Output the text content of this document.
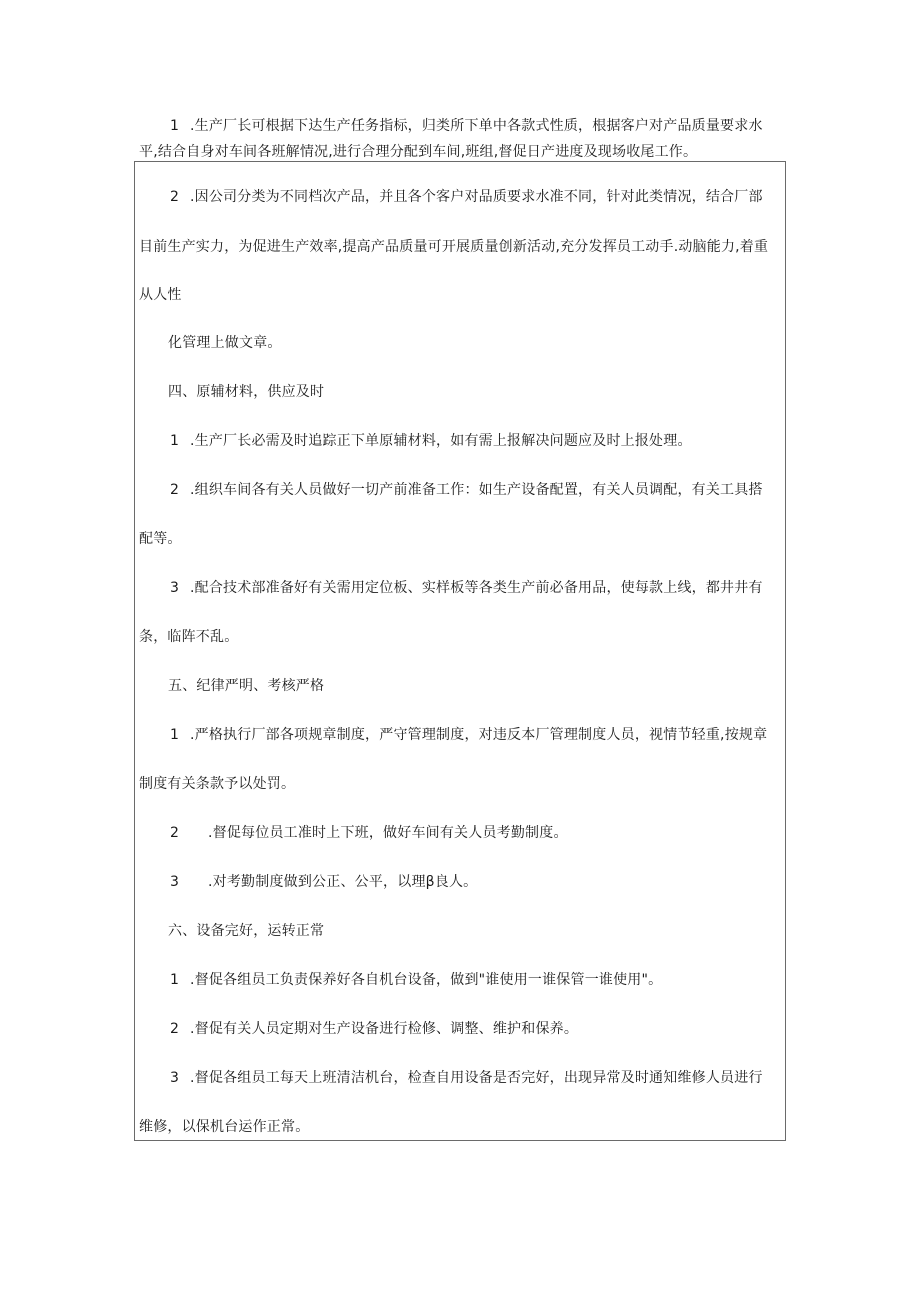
1 .生产厂长可根据下达生产任务指标，归类所下单中各款式性质，根据客户对产品质量要求水
平,结合自身对车间各班解情况,进行合理分配到车间,班组,督促日产进度及现场收尾工作。
2 .因公司分类为不同档次产品，并且各个客户对品质要求水准不同，针对此类情况，结合厂部
目前生产实力，为促进生产效率,提高产品质量可开展质量创新活动,充分发挥员工动手.动脑能力,着重
从人性
化管理上做文章。
四、原辅材料，供应及时
1 .生产厂长必需及时追踪正下单原辅材料，如有需上报解决问题应及时上报处理。
2 .组织车间各有关人员做好一切产前准备工作：如生产设备配置，有关人员调配，有关工具搭
配等。
3 .配合技术部准备好有关需用定位板、实样板等各类生产前必备用品，使每款上线，都井井有
条，临阵不乱。
五、纪律严明、考核严格
1 .严格执行厂部各项规章制度，严守管理制度，对违反本厂管理制度人员，视情节轻重,按规章
制度有关条款予以处罚。
2 .督促每位员工准时上下班，做好车间有关人员考勤制度。
3 .对考勤制度做到公正、公平，以理β良人。
六、设备完好，运转正常
1 .督促各组员工负责保养好各自机台设备，做到"谁使用一谁保管一谁使用"。
2 .督促有关人员定期对生产设备进行检修、调整、维护和保养。
3 .督促各组员工每天上班清洁机台，检查自用设备是否完好，出现异常及时通知维修人员进行
维修，以保机台运作正常。
